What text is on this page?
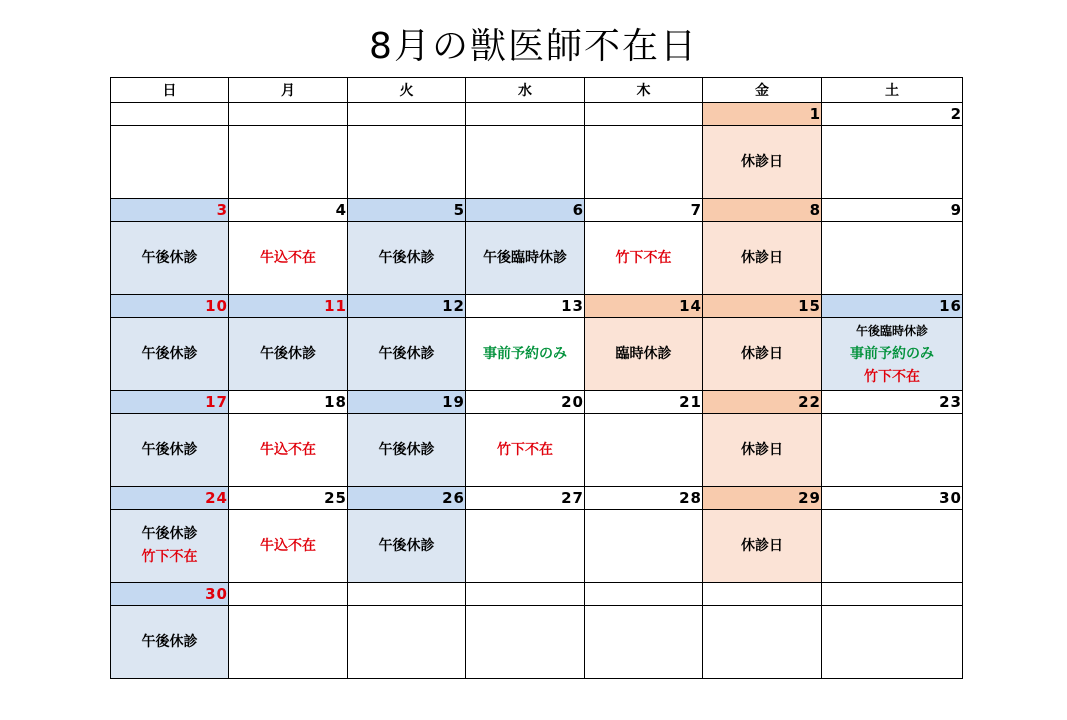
8月の獣医師不在日
日	月	火	水	木	金	土
					1	2

					休診日	

3	4	5	6	7	8	9

午後休診	牛込不在	午後休診	午後臨時休診	竹下不在	休診日	

10	11	12	13	14	15	16

午後休診	午後休診	午後休診	事前予約のみ	臨時休診	休診日	午後臨時休診
事前予約のみ
竹下不在

17	18	19	20	21	22	23

午後休診	牛込不在	午後休診	竹下不在		休診日	

24	25	26	27	28	29	30

午後休診
竹下不在	牛込不在	午後休診			休診日	

30						

午後休診						
